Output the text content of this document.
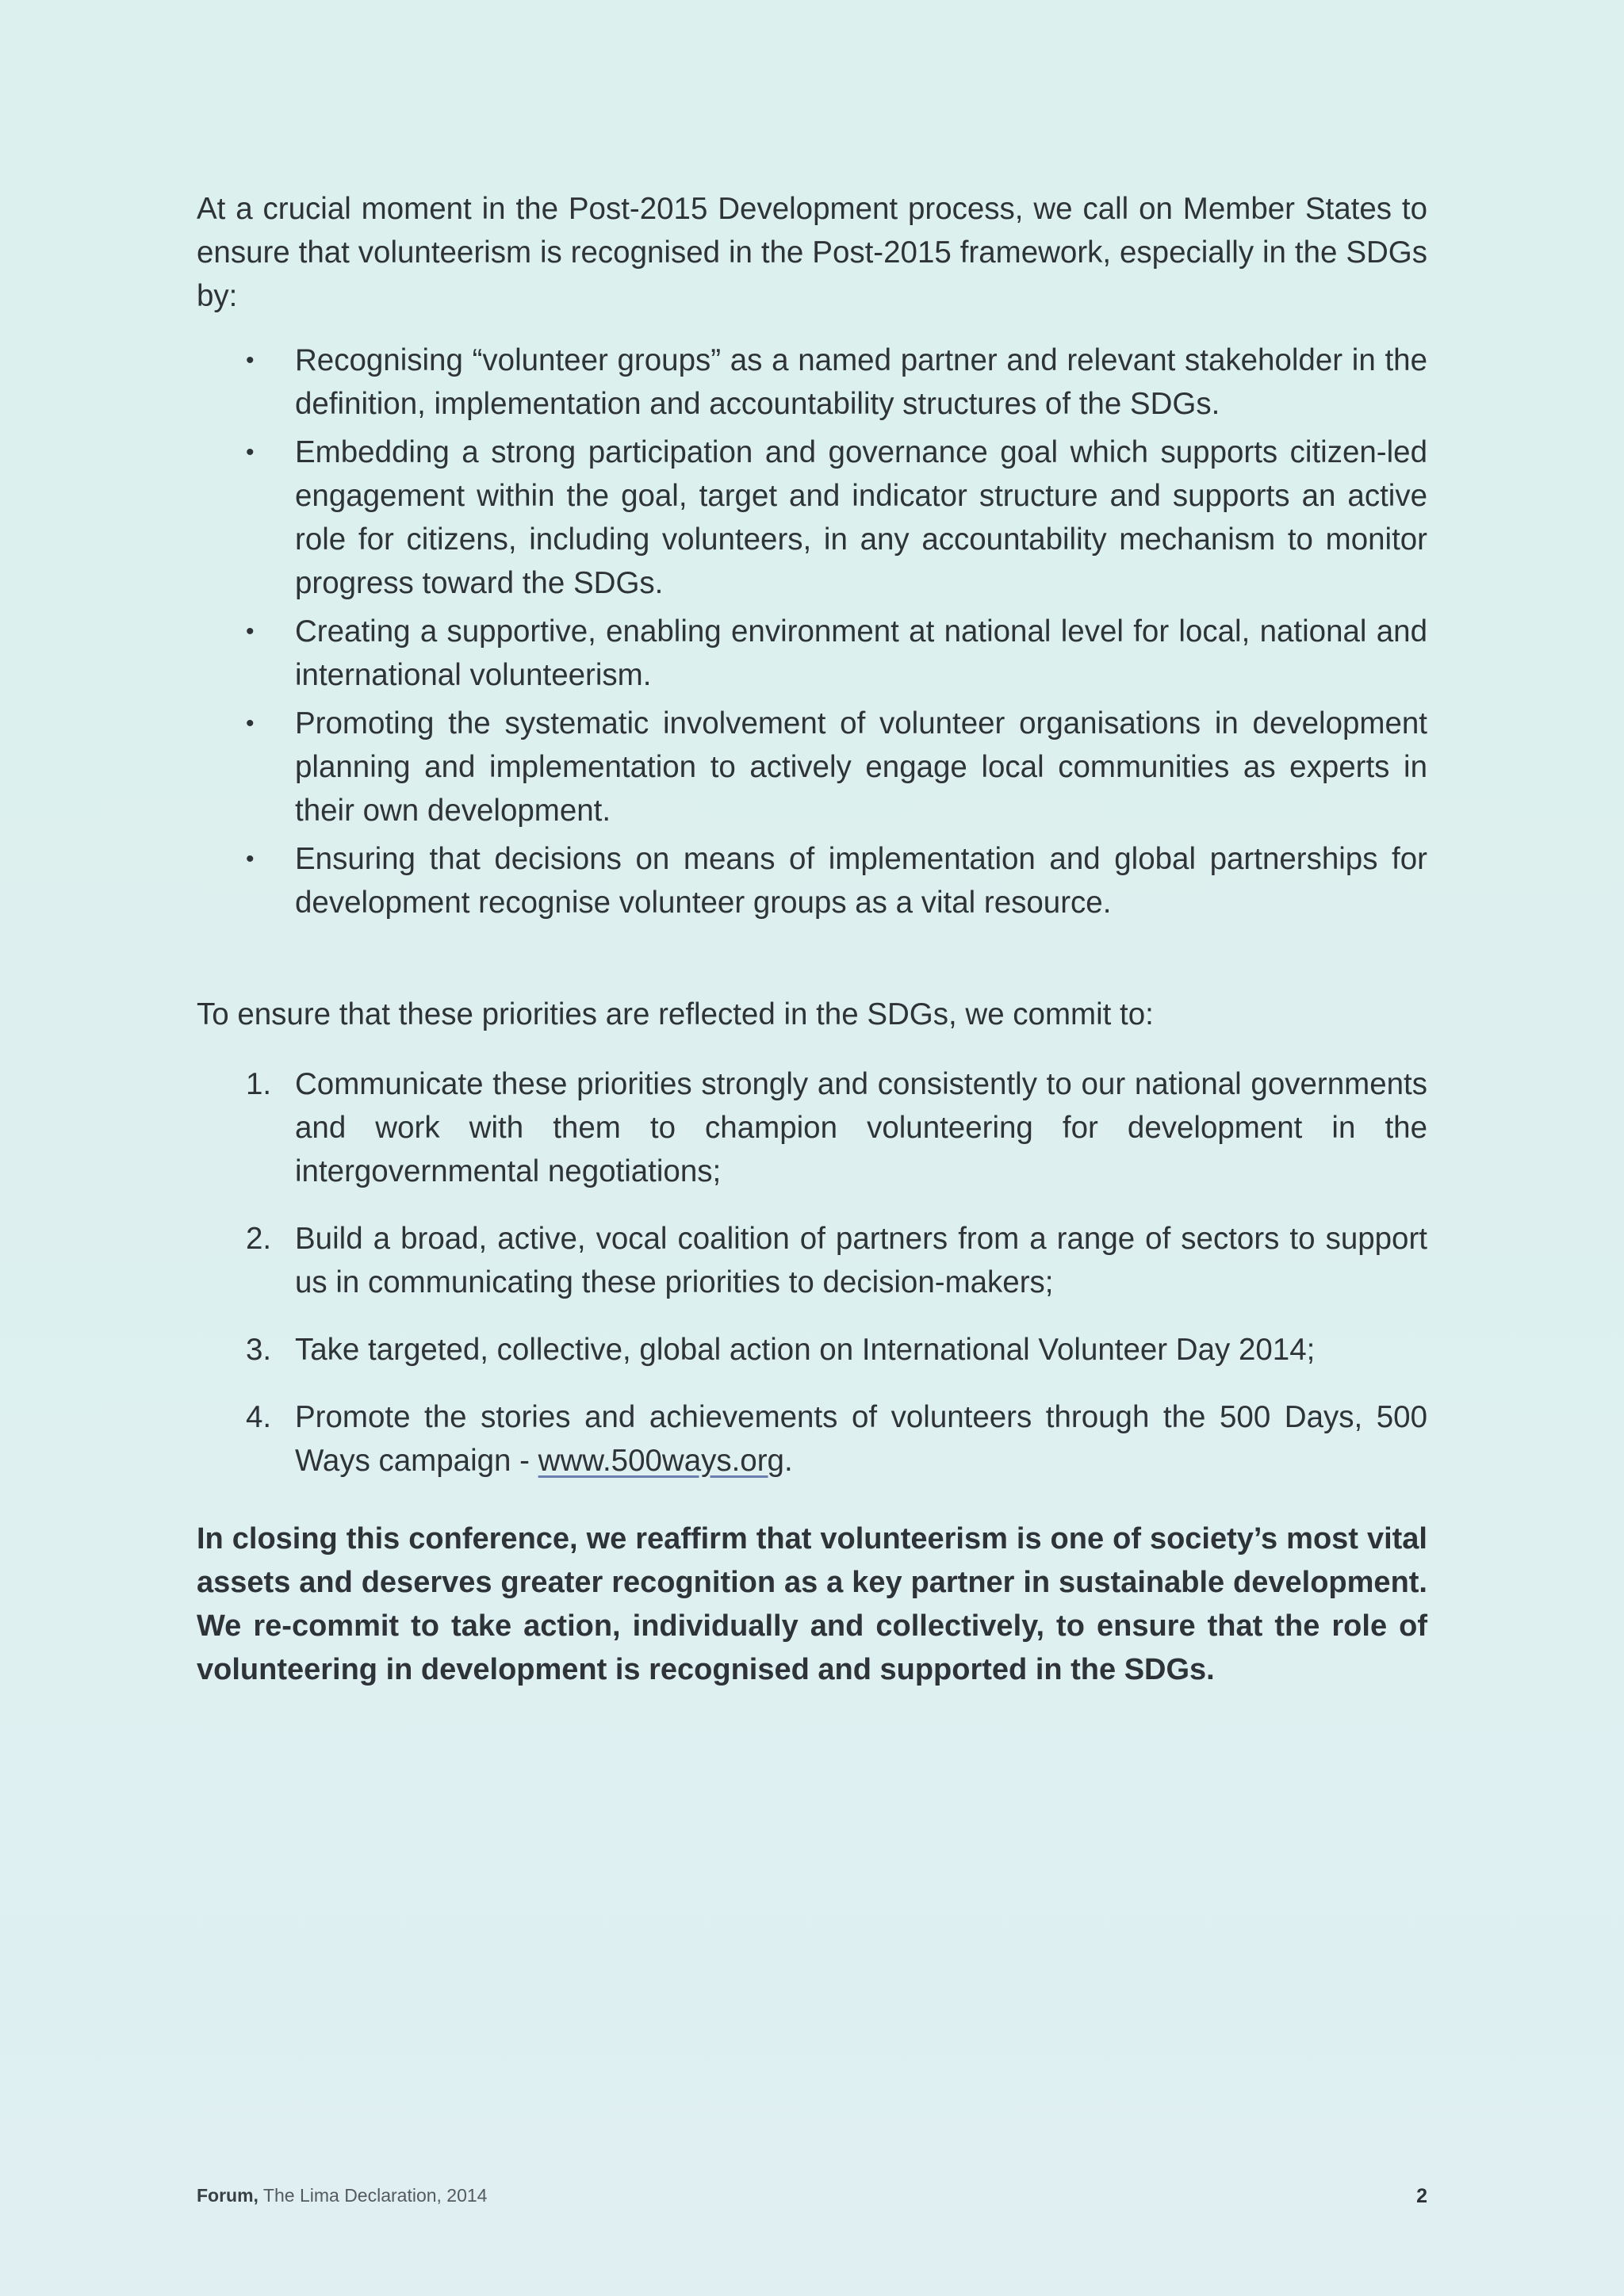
At a crucial moment in the Post-2015 Development process, we call on Member States to ensure that volunteerism is recognised in the Post-2015 framework, especially in the SDGs by:

• Recognising “volunteer groups” as a named partner and relevant stakeholder in the definition, implementation and accountability structures of the SDGs.
• Embedding a strong participation and governance goal which supports citizen-led engagement within the goal, target and indicator structure and supports an active role for citizens, including volunteers, in any accountability mechanism to monitor progress toward the SDGs.
• Creating a supportive, enabling environment at national level for local, national and international volunteerism.
• Promoting the systematic involvement of volunteer organisations in development planning and implementation to actively engage local communities as experts in their own development.
• Ensuring that decisions on means of implementation and global partnerships for development recognise volunteer groups as a vital resource.

To ensure that these priorities are reflected in the SDGs, we commit to:

1. Communicate these priorities strongly and consistently to our national governments and work with them to champion volunteering for development in the intergovernmental negotiations;
2. Build a broad, active, vocal coalition of partners from a range of sectors to support us in communicating these priorities to decision-makers;
3. Take targeted, collective, global action on International Volunteer Day 2014;
4. Promote the stories and achievements of volunteers through the 500 Days, 500 Ways campaign - www.500ways.org.

In closing this conference, we reaffirm that volunteerism is one of society’s most vital assets and deserves greater recognition as a key partner in sustainable development. We re-commit to take action, individually and collectively, to ensure that the role of volunteering in development is recognised and supported in the SDGs.

Forum, The Lima Declaration, 2014	2
